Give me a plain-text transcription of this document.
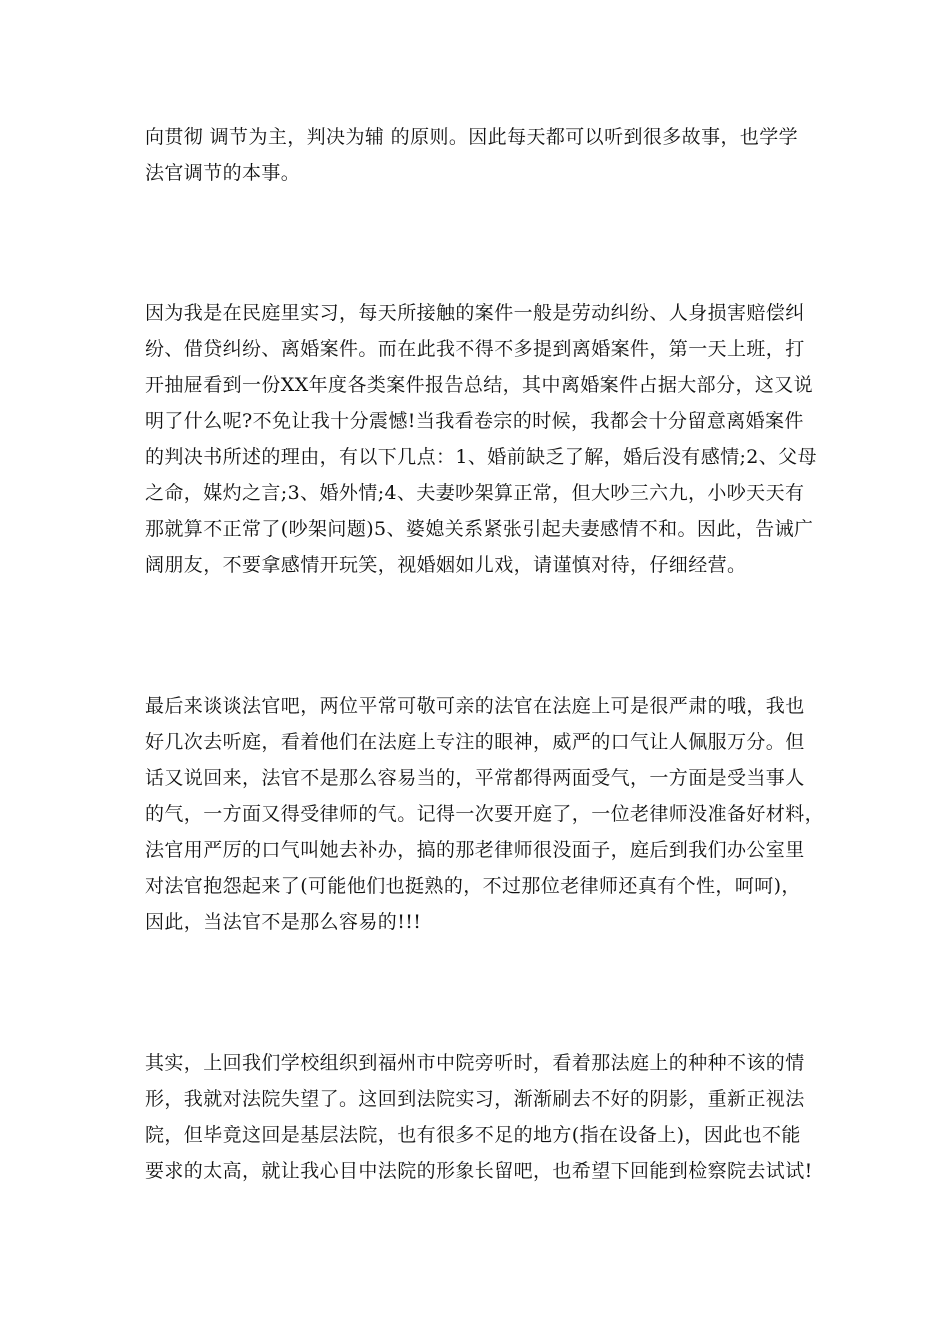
向贯彻 调节为主，判决为辅 的原则。因此每天都可以听到很多故事，也学学

法官调节的本事。

因为我是在民庭里实习，每天所接触的案件一般是劳动纠纷、人身损害赔偿纠

纷、借贷纠纷、离婚案件。而在此我不得不多提到离婚案件，第一天上班，打

开抽屉看到一份XX年度各类案件报告总结，其中离婚案件占据大部分，这又说

明了什么呢?不免让我十分震憾!当我看卷宗的时候，我都会十分留意离婚案件

的判决书所述的理由，有以下几点：1、婚前缺乏了解，婚后没有感情;2、父母

之命，媒灼之言;3、婚外情;4、夫妻吵架算正常，但大吵三六九，小吵天天有

那就算不正常了(吵架问题)5、婆媳关系紧张引起夫妻感情不和。因此，告诫广

阔朋友，不要拿感情开玩笑，视婚姻如儿戏，请谨慎对待，仔细经营。

最后来谈谈法官吧，两位平常可敬可亲的法官在法庭上可是很严肃的哦，我也

好几次去听庭，看着他们在法庭上专注的眼神，威严的口气让人佩服万分。但

话又说回来，法官不是那么容易当的，平常都得两面受气，一方面是受当事人

的气，一方面又得受律师的气。记得一次要开庭了，一位老律师没准备好材料，

法官用严厉的口气叫她去补办，搞的那老律师很没面子，庭后到我们办公室里

对法官抱怨起来了(可能他们也挺熟的，不过那位老律师还真有个性，呵呵)，

因此，当法官不是那么容易的!!!

其实，上回我们学校组织到福州市中院旁听时，看着那法庭上的种种不该的情

形，我就对法院失望了。这回到法院实习，渐渐刷去不好的阴影，重新正视法

院，但毕竟这回是基层法院，也有很多不足的地方(指在设备上)，因此也不能

要求的太高，就让我心目中法院的形象长留吧，也希望下回能到检察院去试试!
